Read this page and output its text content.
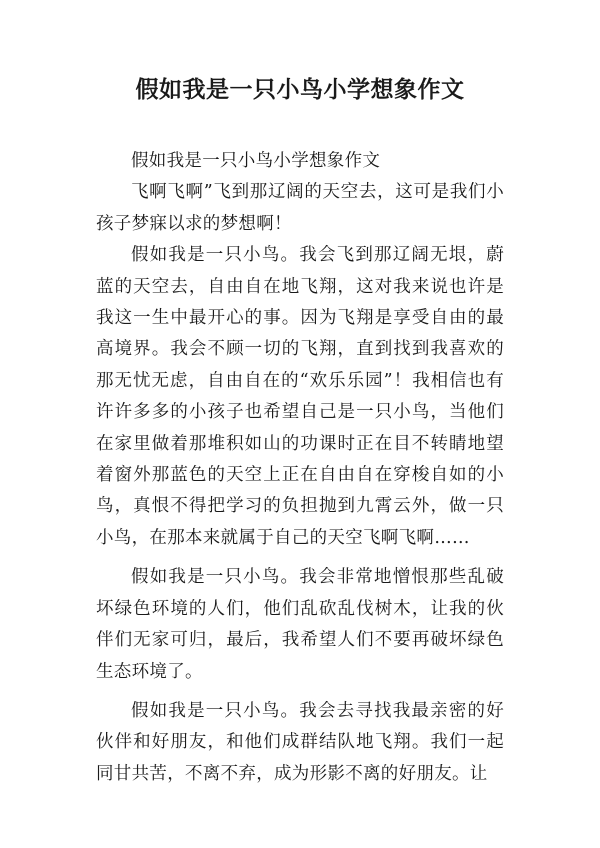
假如我是一只小鸟小学想象作文

假如我是一只小鸟小学想象作文

飞啊飞啊”飞到那辽阔的天空去，这可是我们小孩子梦寐以求的梦想啊！

假如我是一只小鸟。我会飞到那辽阔无垠，蔚蓝的天空去，自由自在地飞翔，这对我来说也许是我这一生中最开心的事。因为飞翔是享受自由的最高境界。我会不顾一切的飞翔，直到找到我喜欢的那无忧无虑，自由自在的“欢乐乐园”！我相信也有许许多多的小孩子也希望自己是一只小鸟，当他们在家里做着那堆积如山的功课时正在目不转睛地望着窗外那蓝色的天空上正在自由自在穿梭自如的小鸟，真恨不得把学习的负担抛到九霄云外，做一只小鸟，在那本来就属于自己的天空飞啊飞啊……

假如我是一只小鸟。我会非常地憎恨那些乱破坏绿色环境的人们，他们乱砍乱伐树木，让我的伙伴们无家可归，最后，我希望人们不要再破坏绿色生态环境了。

假如我是一只小鸟。我会去寻找我最亲密的好伙伴和好朋友，和他们成群结队地飞翔。我们一起同甘共苦，不离不弃，成为形影不离的好朋友。让
